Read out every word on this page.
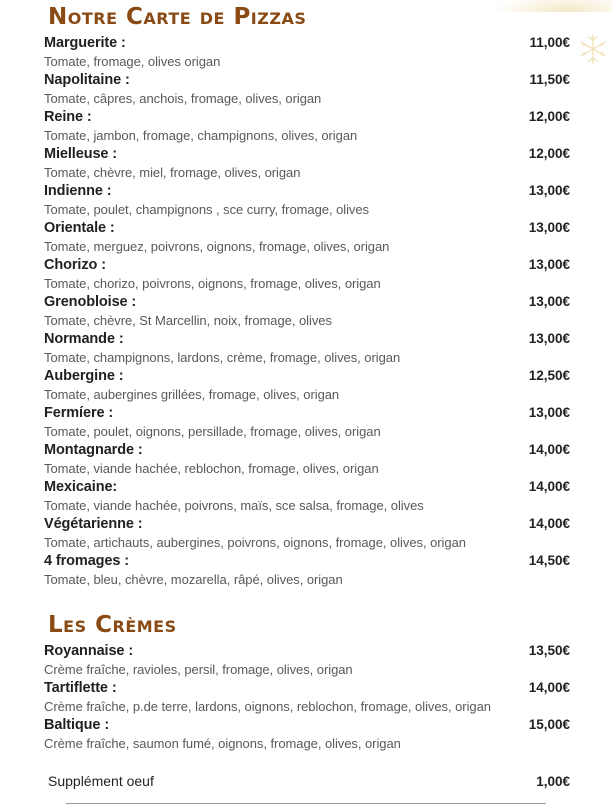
Notre Carte de Pizzas
Marguerite :	11,00€
Tomate, fromage, olives origan
Napolitaine :	11,50€
Tomate, câpres, anchois, fromage, olives, origan
Reine :	12,00€
Tomate, jambon, fromage, champignons, olives, origan
Mielleuse :	12,00€
Tomate, chèvre, miel, fromage, olives, origan
Indienne :	13,00€
Tomate, poulet, champignons , sce curry, fromage, olives
Orientale :	13,00€
Tomate, merguez, poivrons, oignons, fromage, olives, origan
Chorizo :	13,00€
Tomate, chorizo, poivrons, oignons, fromage, olives, origan
Grenobloise :	13,00€
Tomate, chèvre, St Marcellin, noix, fromage, olives
Normande :	13,00€
Tomate, champignons, lardons, crème, fromage, olives, origan
Aubergine :	12,50€
Tomate, aubergines grillées, fromage, olives, origan
Fermíere :	13,00€
Tomate, poulet, oignons, persillade, fromage, olives, origan
Montagnarde :	14,00€
Tomate, viande hachée, reblochon, fromage, olives, origan
Mexicaine:	14,00€
Tomate, viande hachée, poivrons, maïs, sce salsa, fromage, olives
Végétarienne :	14,00€
Tomate, artichauts, aubergines, poivrons, oignons, fromage, olives, origan
4 fromages :	14,50€
Tomate, bleu, chèvre, mozarella, râpé, olives, origan
Les Crèmes
Royannaise :	13,50€
Crème fraîche, ravioles, persil, fromage, olives, origan
Tartiflette :	14,00€
Crème fraîche, p.de terre, lardons, oignons, reblochon, fromage, olives, origan
Baltique :	15,00€
Crème fraîche, saumon fumé, oignons, fromage, olives, origan
Supplément oeuf	1,00€
